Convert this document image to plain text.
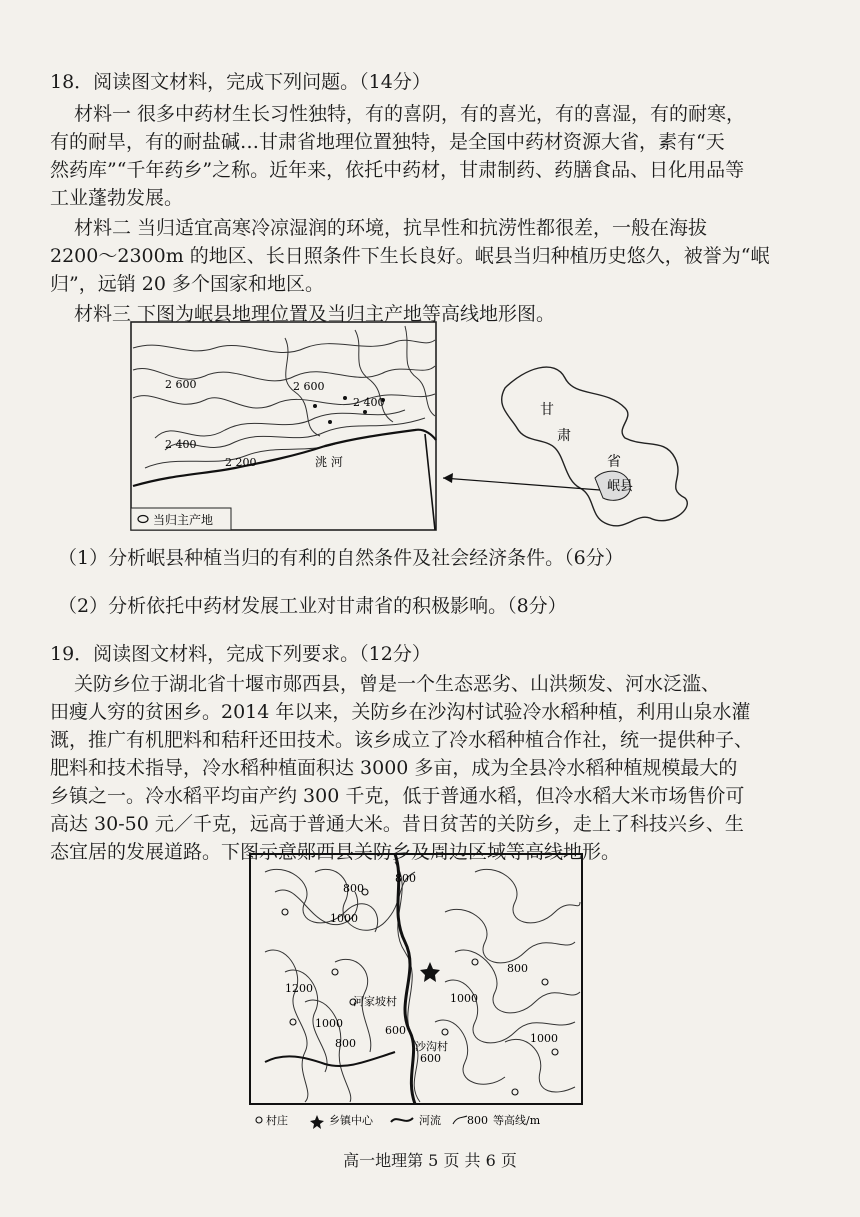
18．阅读图文材料，完成下列问题。（14分）
材料一 很多中药材生长习性独特，有的喜阴，有的喜光，有的喜湿，有的耐寒，
有的耐旱，有的耐盐碱…甘肃省地理位置独特，是全国中药材资源大省，素有“天
然药库”“千年药乡”之称。近年来，依托中药材，甘肃制药、药膳食品、日化用品等
工业蓬勃发展。
材料二 当归适宜高寒冷凉湿润的环境，抗旱性和抗涝性都很差，一般在海拔
2200～2300m 的地区、长日照条件下生长良好。岷县当归种植历史悠久，被誉为“岷
归”，远销 20 多个国家和地区。
材料三 下图为岷县地理位置及当归主产地等高线地形图。
2 600
2 400
2 200
2 400
2 600
洮 河
当归主产地
甘
肃
省
岷县
（1）分析岷县种植当归的有利的自然条件及社会经济条件。（6分）
（2）分析依托中药材发展工业对甘肃省的积极影响。（8分）
19．阅读图文材料，完成下列要求。（12分）
关防乡位于湖北省十堰市郧西县，曾是一个生态恶劣、山洪频发、河水泛滥、
田瘦人穷的贫困乡。2014 年以来，关防乡在沙沟村试验冷水稻种植，利用山泉水灌
溉，推广有机肥料和秸秆还田技术。该乡成立了冷水稻种植合作社，统一提供种子、
肥料和技术指导，冷水稻种植面积达 3000 多亩，成为全县冷水稻种植规模最大的
乡镇之一。冷水稻平均亩产约 300 千克，低于普通水稻，但冷水稻大米市场售价可
高达 30-50 元／千克，远高于普通大米。昔日贫苦的关防乡，走上了科技兴乡、生
态宜居的发展道路。下图示意郧西县关防乡及周边区域等高线地形。
800
1000
800
1200
1000
800
600
1000
600
1000
800
河家坡村
沙沟村
村庄	乡镇中心	河流 800 等高线/m
高一地理第 5 页 共 6 页
